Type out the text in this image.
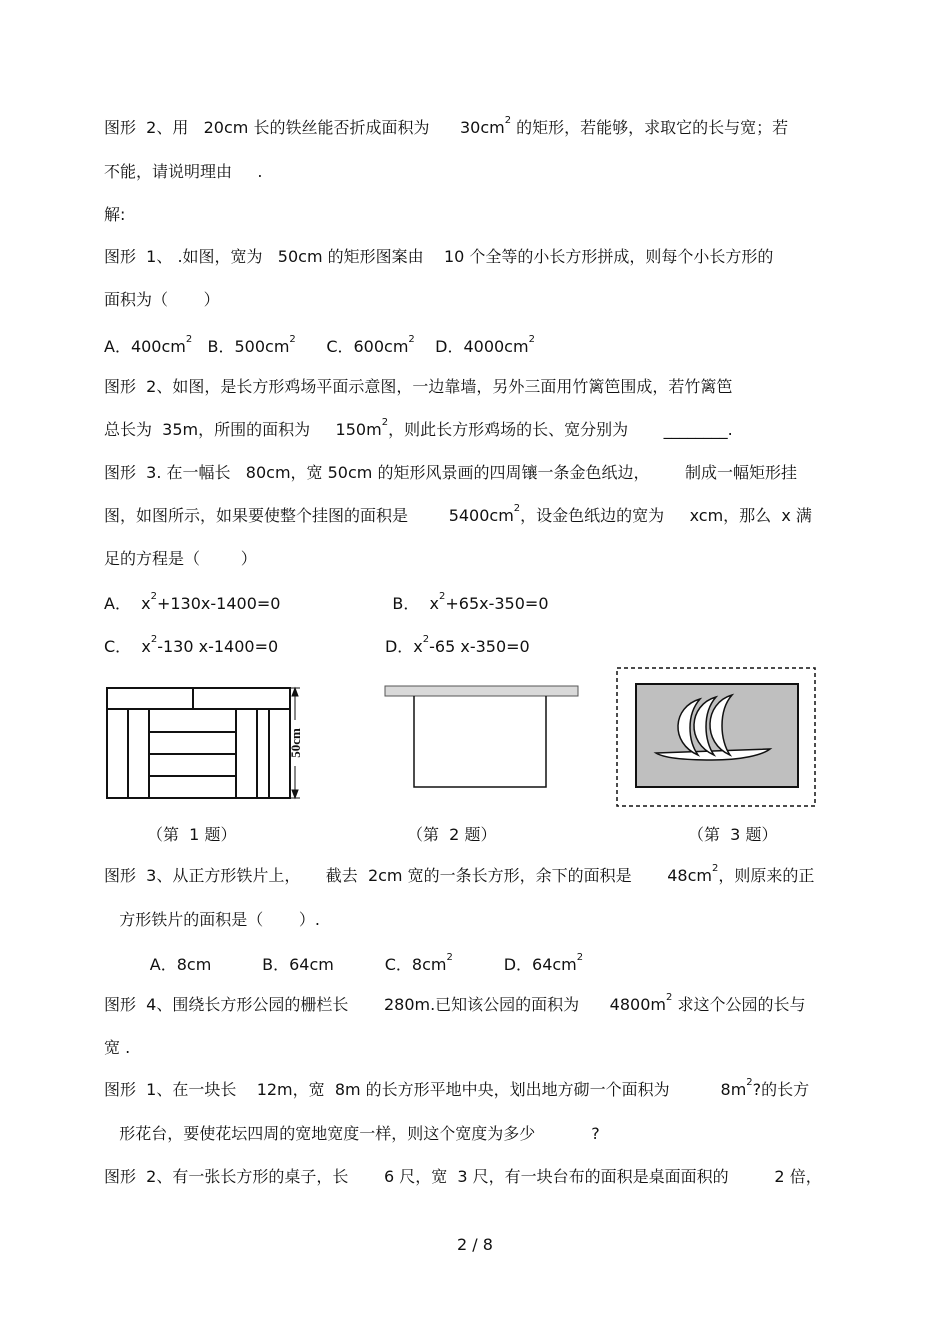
图形  2、用   20cm 长的铁丝能否折成面积为      $30cm^2$ 的矩形，若能够，求取它的长与宽；若
不能，请说明理由     .
解:
图形  1、 .如图，宽为   50cm 的矩形图案由    10 个全等的小长方形拼成，则每个小长方形的
面积为（       ）
A．$400cm^2$   B．$500cm^2$      C．$600cm^2$    D．$4000cm^2$
图形  2、如图，是长方形鸡场平面示意图，一边靠墙，另外三面用竹篱笆围成，若竹篱笆
总长为  35m，所围的面积为     $150m^2$，则此长方形鸡场的长、宽分别为       ________.
图形  3. 在一幅长   80cm，宽 50cm 的矩形风景画的四周镶一条金色纸边，       制成一幅矩形挂
图，如图所示，如果要使整个挂图的面积是        $5400cm^2$，设金色纸边的宽为     xcm，那么  x 满
足的方程是（        ）
A．  $x^2+130x-1400=0$                      B．  $x^2+65x-350=0$
C．  $x^2-130$ x-1400=0                     D．$x^2-65$ x-350=0
50cm
（第  1 题）	（第  2 题）	（第  3 题）
图形  3、从正方形铁片上，     截去  2cm 宽的一条长方形，余下的面积是       $48cm^2$，则原来的正
方形铁片的面积是（       ）.
A．8cm          B．64cm          C．$8cm^2$          D．$64cm^2$
图形  4、围绕长方形公园的栅栏长       280m.已知该公园的面积为      $4800m^2$ 求这个公园的长与
宽 .
图形  1、在一块长    12m，宽  8m 的长方形平地中央，划出地方砌一个面积为          $8m^2$?的长方
形花台，要使花坛四周的宽地宽度一样，则这个宽度为多少           ?
图形  2、有一张长方形的桌子，长       6 尺，宽  3 尺，有一块台布的面积是桌面面积的         2 倍，
2 / 8
